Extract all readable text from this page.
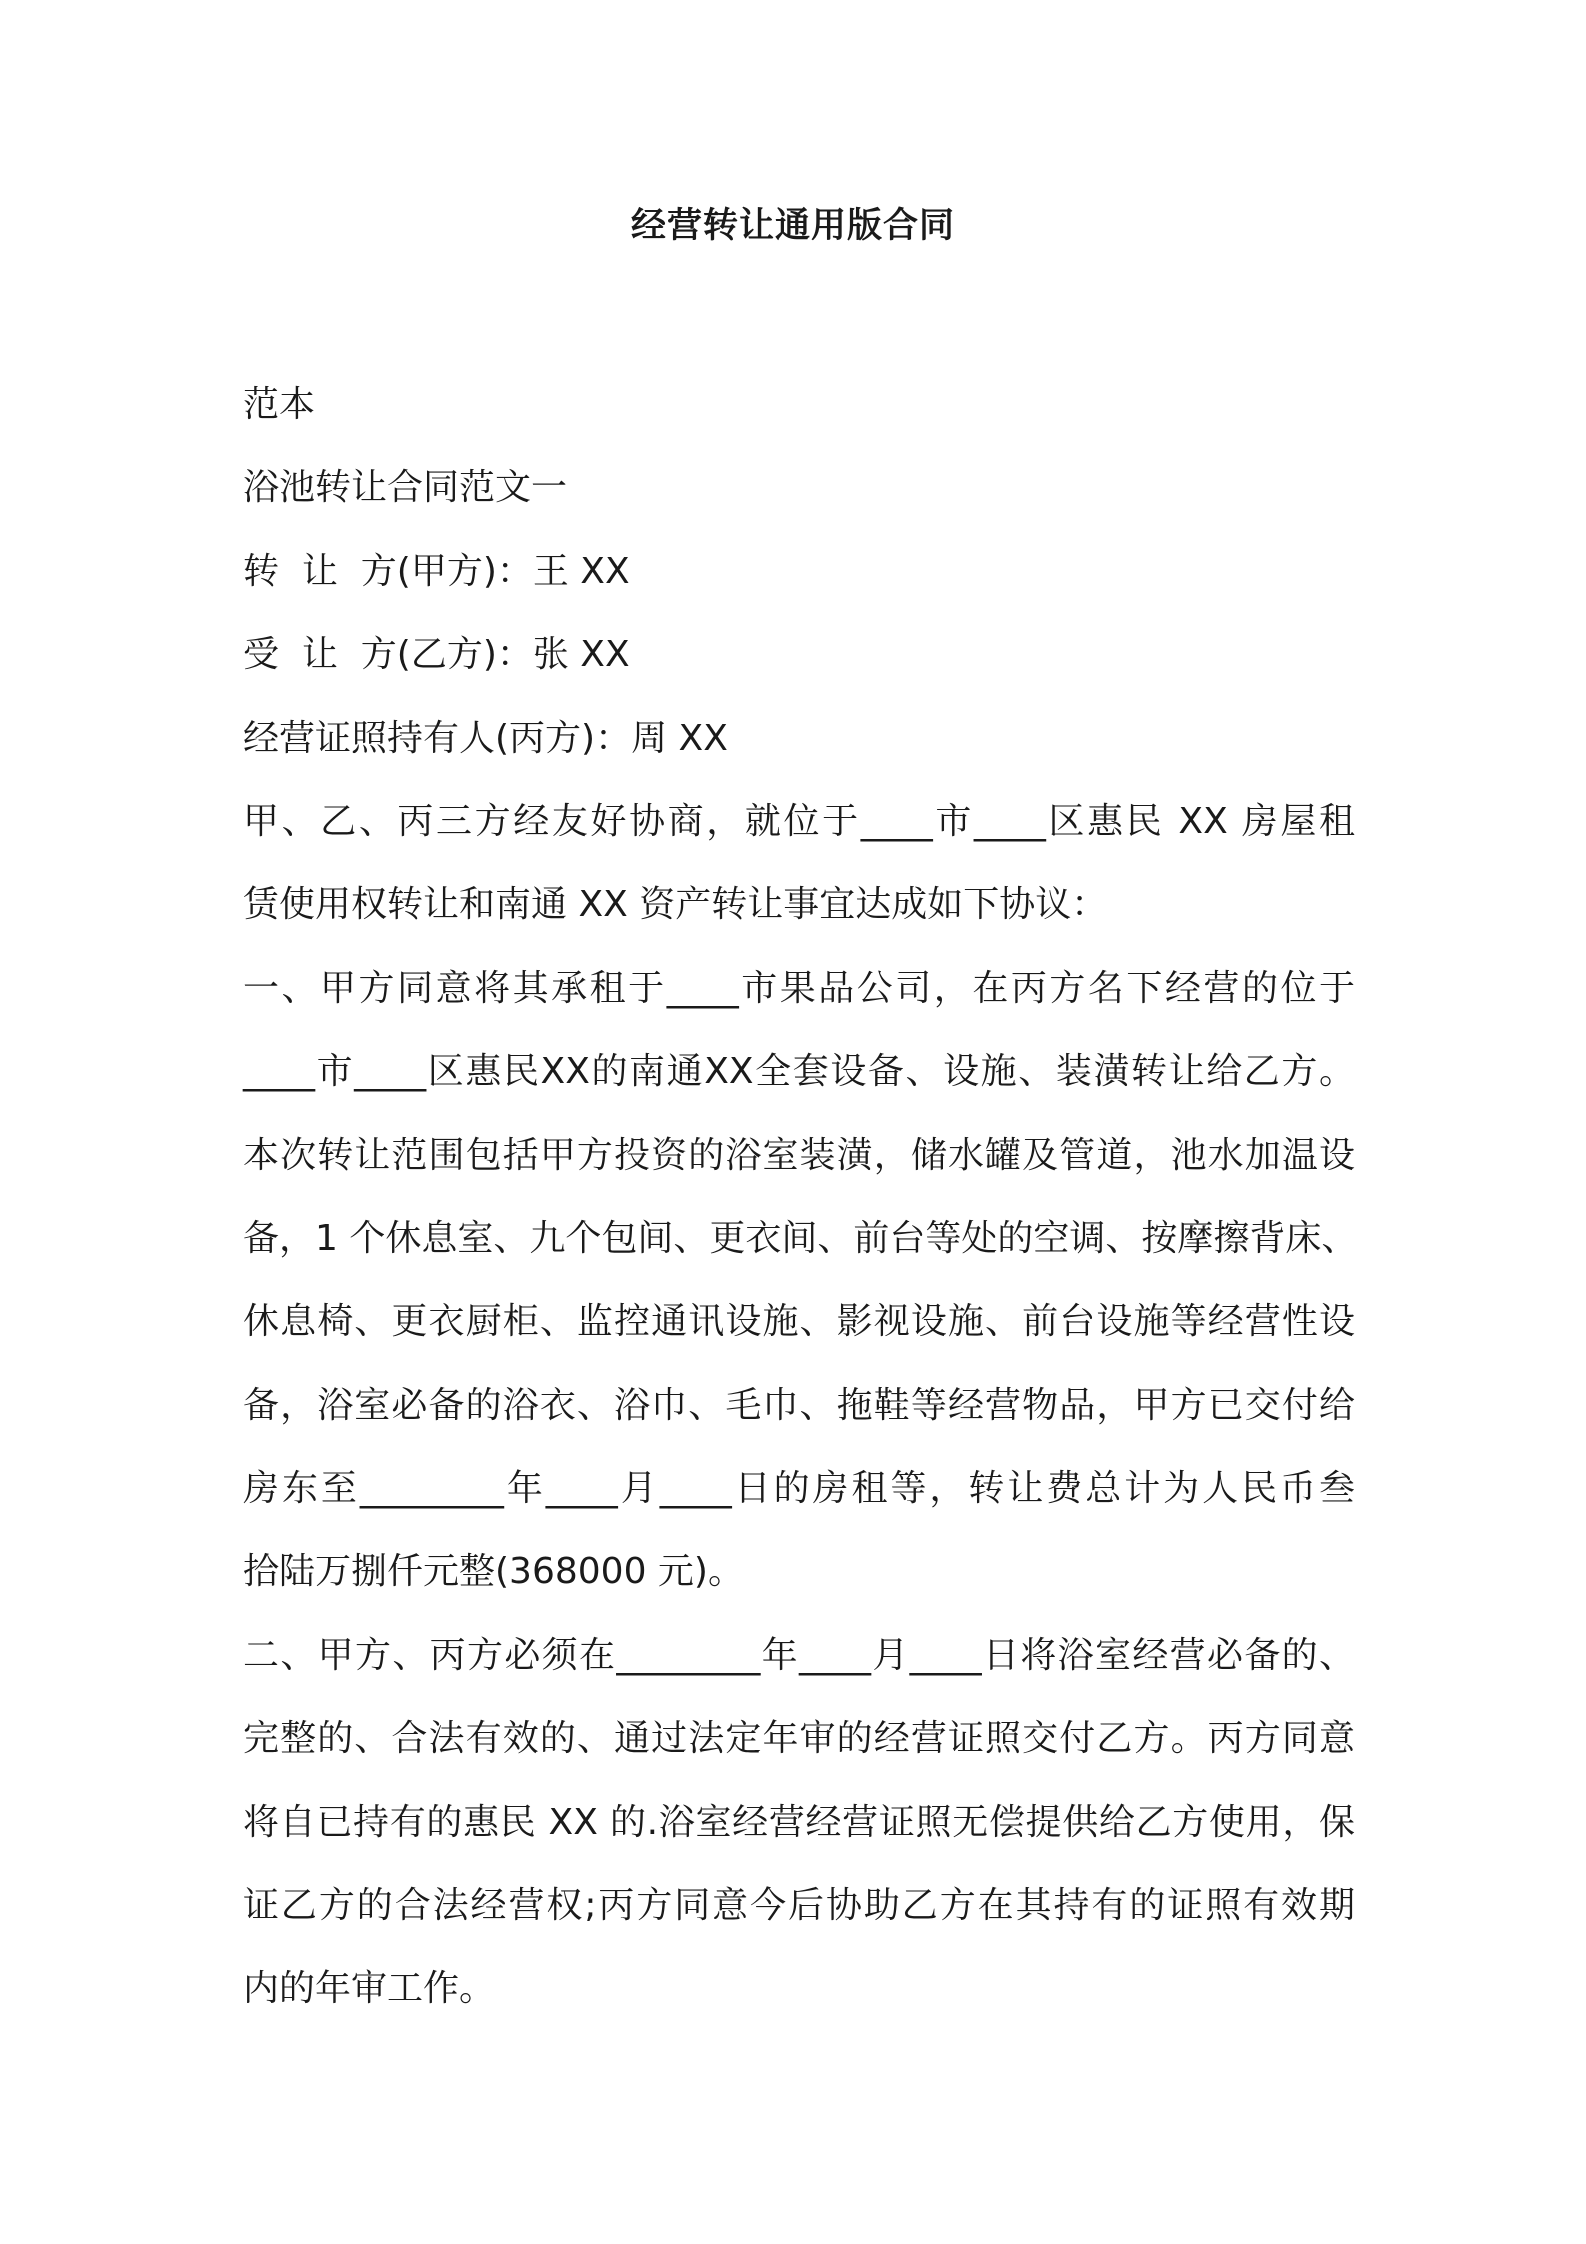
经营转让通用版合同
范本
浴池转让合同范文一
转  让  方(甲方)：王 XX
受  让  方(乙方)：张 XX
经营证照持有人(丙方)：周 XX
甲、乙、丙三方经友好协商，就位于____市____区惠民 XX 房屋租
赁使用权转让和南通 XX 资产转让事宜达成如下协议：
一、甲方同意将其承租于____市果品公司，在丙方名下经营的位于
____市____区惠民XX的南通XX全套设备、设施、装潢转让给乙方。
本次转让范围包括甲方投资的浴室装潢，储水罐及管道，池水加温设
备，1 个休息室、九个包间、更衣间、前台等处的空调、按摩擦背床、
休息椅、更衣厨柜、监控通讯设施、影视设施、前台设施等经营性设
备，浴室必备的浴衣、浴巾、毛巾、拖鞋等经营物品，甲方已交付给
房东至________年____月____日的房租等，转让费总计为人民币叁
拾陆万捌仟元整(368000 元)。
二、甲方、丙方必须在________年____月____日将浴室经营必备的、
完整的、合法有效的、通过法定年审的经营证照交付乙方。丙方同意
将自已持有的惠民 XX 的.浴室经营经营证照无偿提供给乙方使用，保
证乙方的合法经营权;丙方同意今后协助乙方在其持有的证照有效期
内的年审工作。
